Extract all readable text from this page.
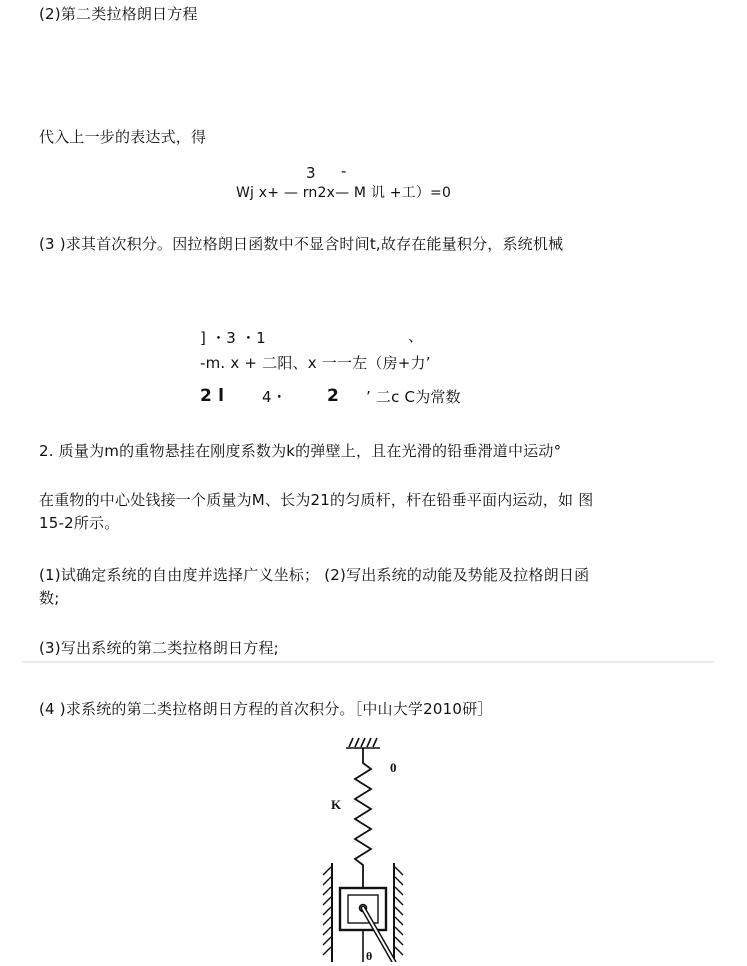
(2)第二类拉格朗日方程
代入上一步的表达式，得
3 -
Wj x+ — rn2x— M 讥 +工）=0
(3 )求其首次积分。因拉格朗日函数中不显含时间t,故存在能量积分，系统机械
] ・3 ・1	、
-m. x + 二阳、x 一一左（房+力’
2 l	4・ 2 ’ 二c C为常数
2. 质量为m的重物悬挂在刚度系数为k的弹壁上，且在光滑的铅垂滑道中运动°
在重物的中心处钱接一个质量为M、长为21的匀质杆，杆在铅垂平面内运动，如 图
15-2所示。
(1)试确定系统的自由度并选择广义坐标； (2)写出系统的动能及势能及拉格朗日函
数;
(3)写出系统的第二类拉格朗日方程;
(4 )求系统的第二类拉格朗日方程的首次积分。［中山大学2010研］
0
K
θ
